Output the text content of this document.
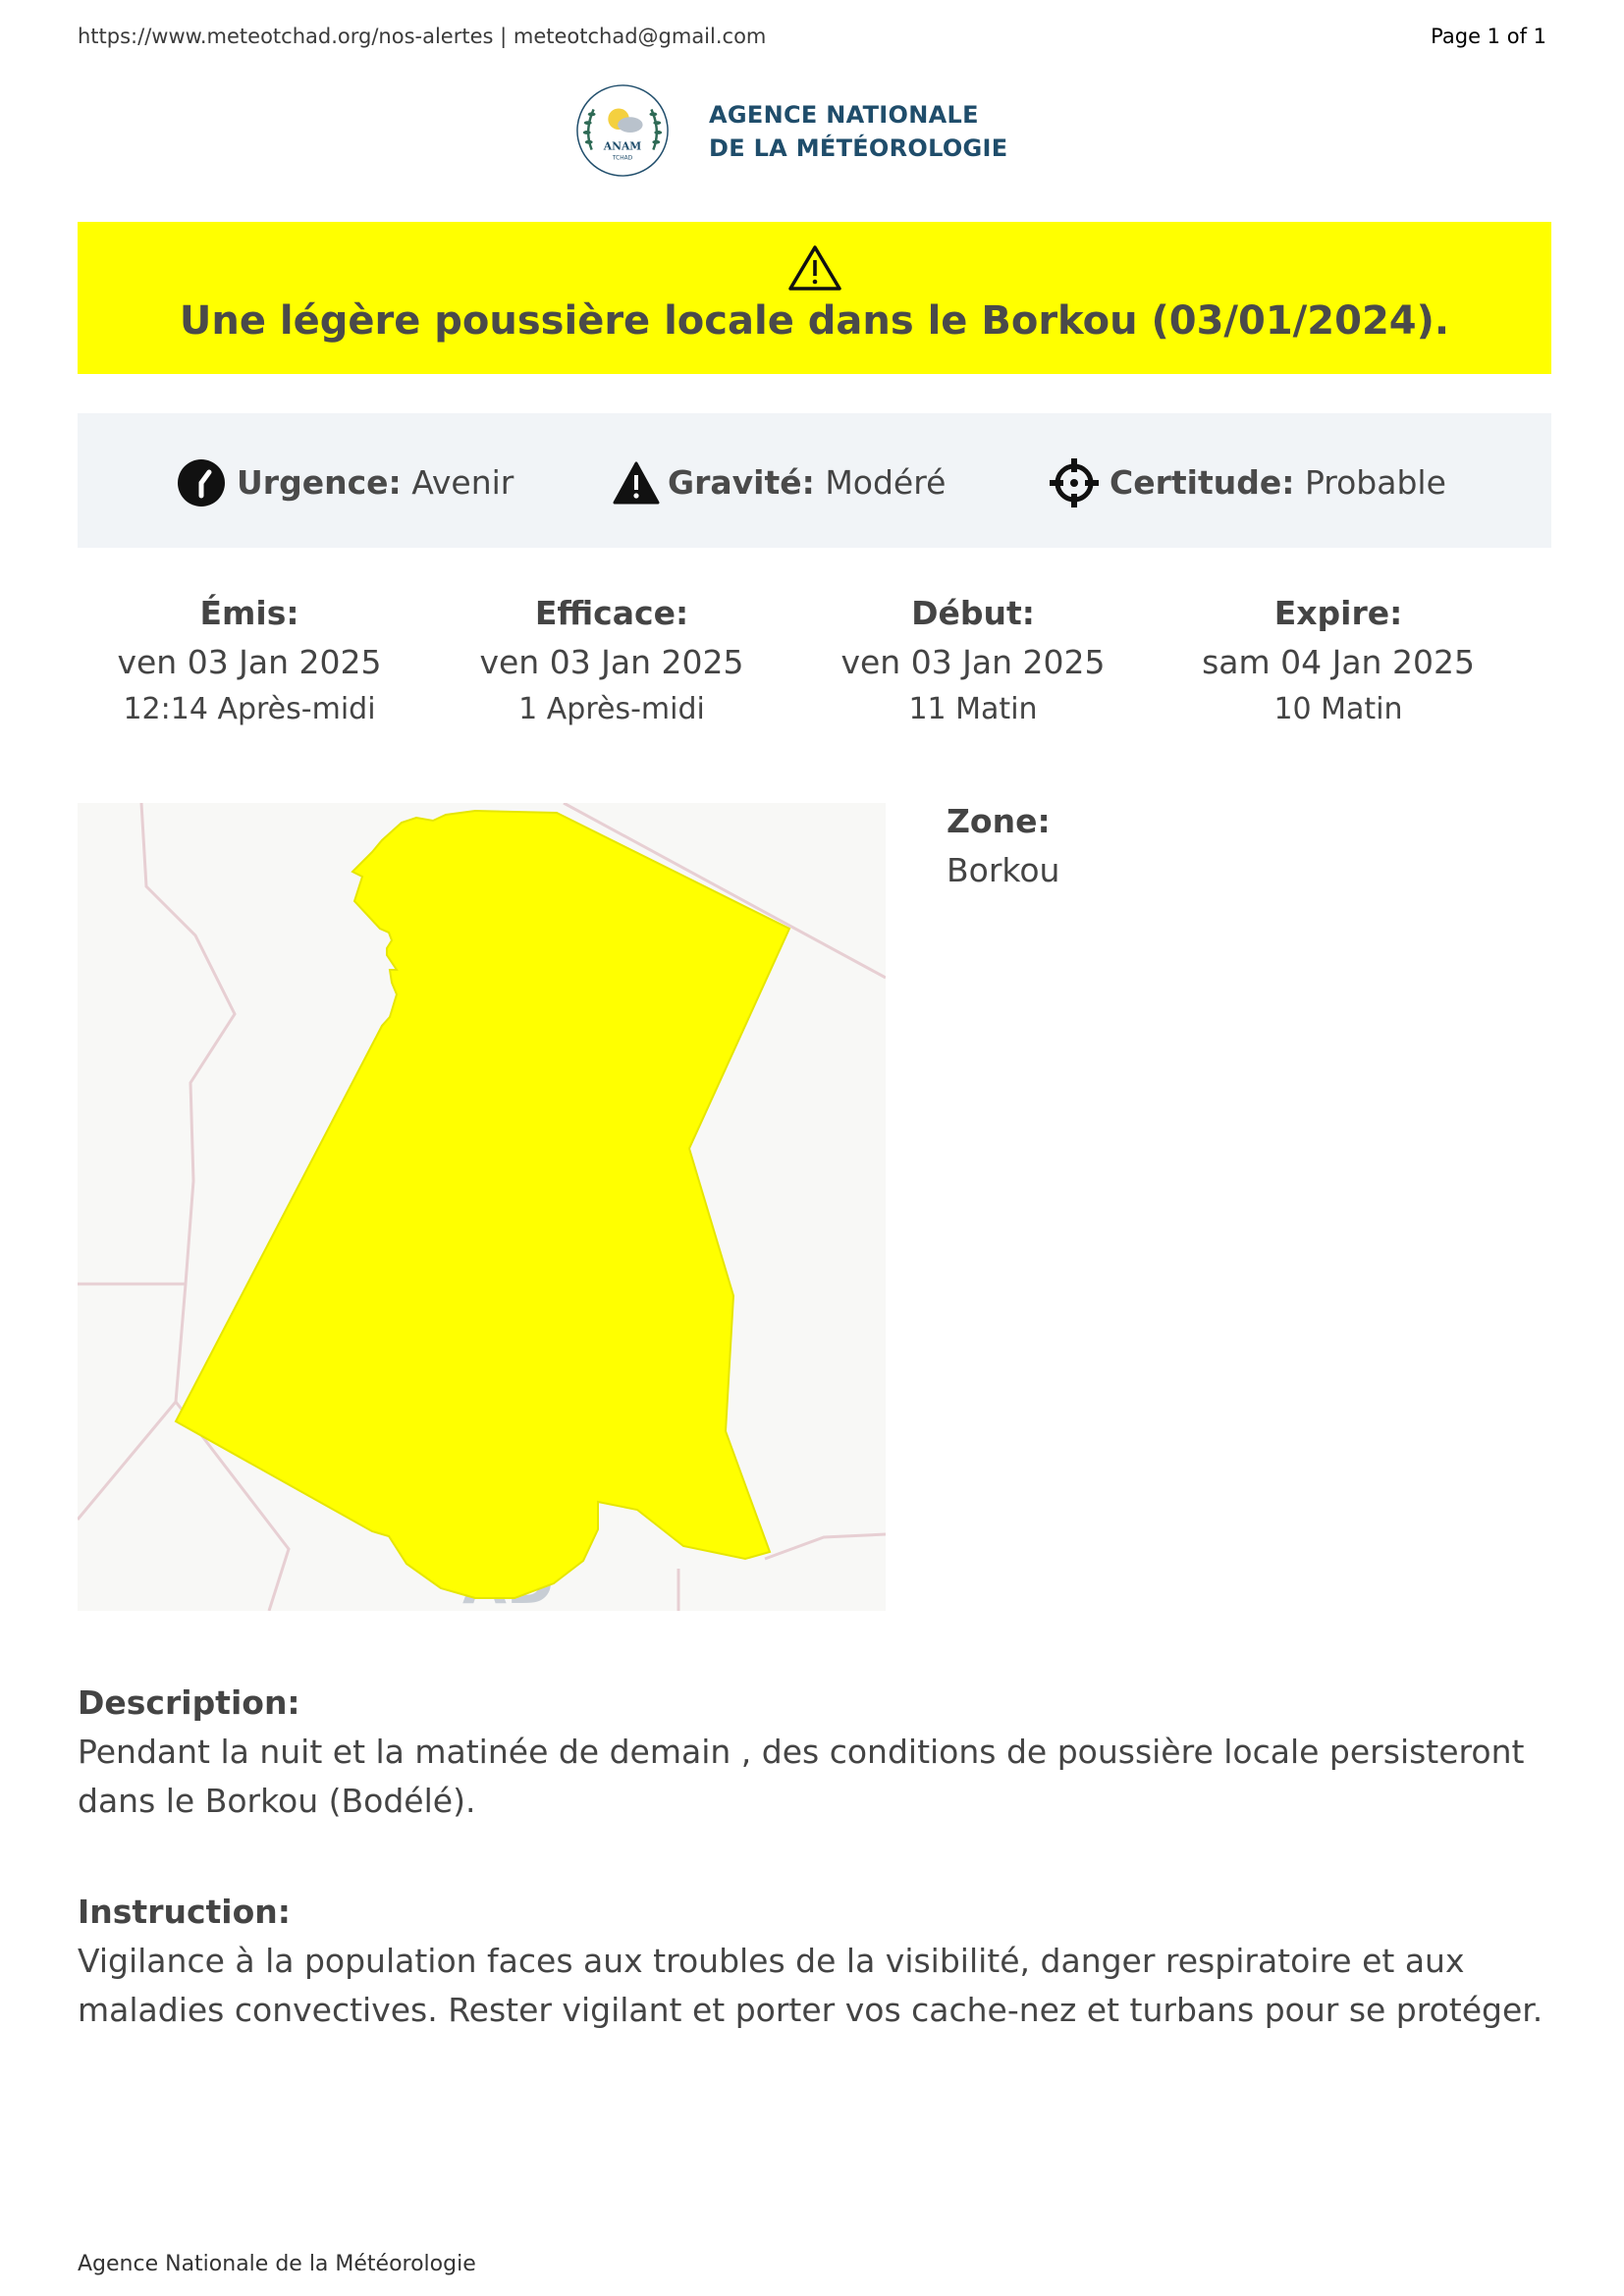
https://www.meteotchad.org/nos-alertes | meteotchad@gmail.com	Page 1 of 1
ANAM
TCHAD
AGENCE NATIONALE
DE LA MÉTÉOROLOGIE
Une légère poussière locale dans le Borkou (03/01/2024).
Urgence: Avenir	Gravité: Modéré	Certitude: Probable
Émis:
ven 03 Jan 2025
12:14 Après-midi
Efficace:
ven 03 Jan 2025
1 Après-midi
Début:
ven 03 Jan 2025
11 Matin
Expire:
sam 04 Jan 2025
10 Matin
Zone:
Borkou
Description:
Pendant la nuit et la matinée de demain , des conditions de poussière locale persisteront dans le Borkou (Bodélé).
Instruction:
Vigilance à la population faces aux troubles de la visibilité, danger respiratoire et aux maladies convectives. Rester vigilant et porter vos cache-nez et turbans pour se protéger.
Agence Nationale de la Météorologie
